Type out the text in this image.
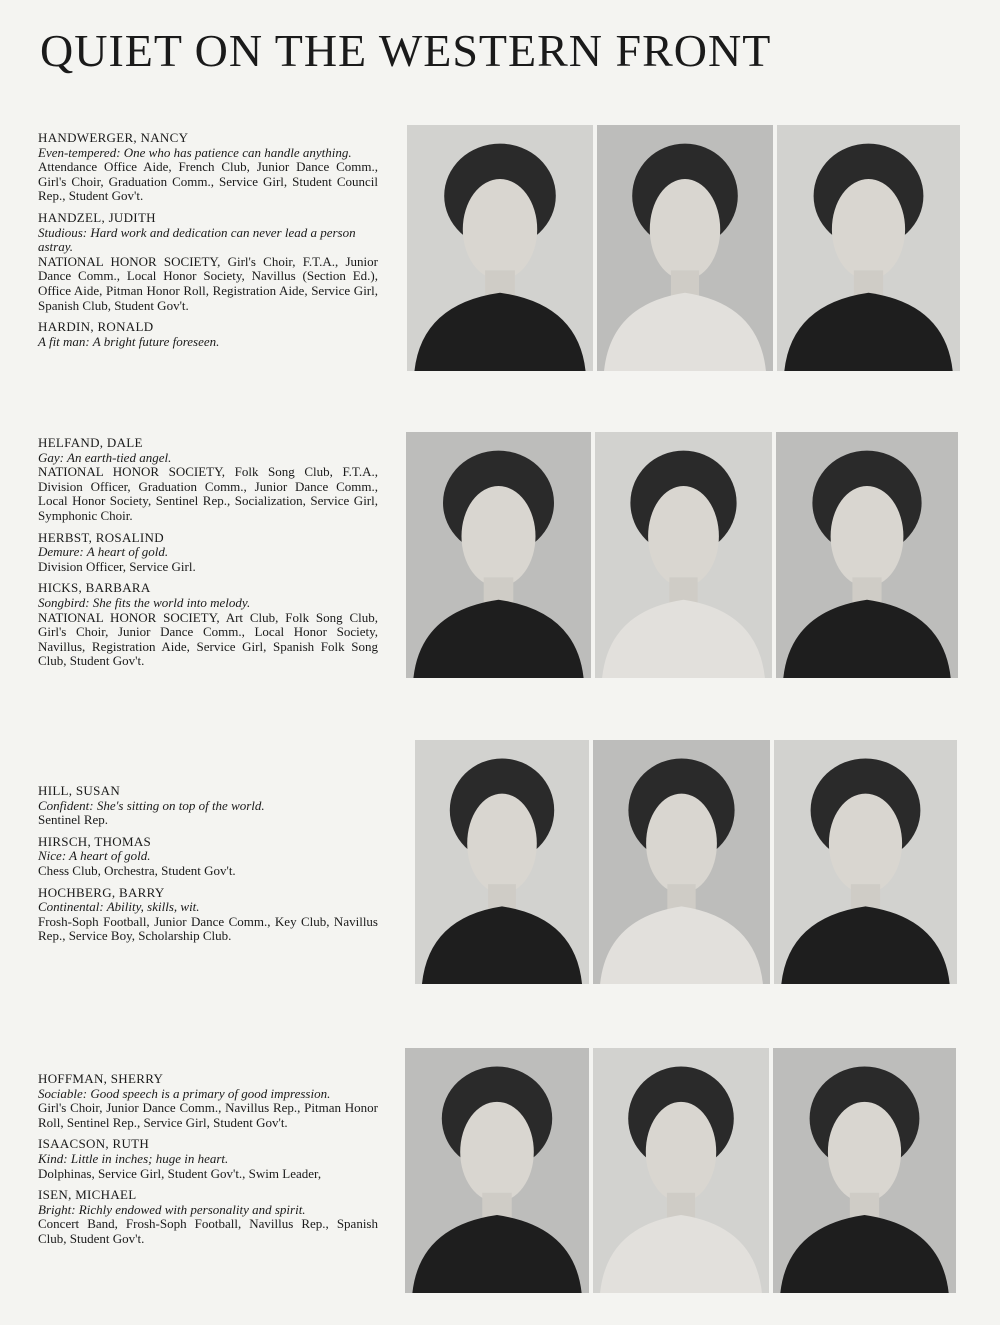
QUIET ON THE WESTERN FRONT
HANDWERGER, NANCY
Even-tempered: One who has patience can handle anything.
Attendance Office Aide, French Club, Junior Dance Comm., Girl's Choir, Graduation Comm., Service Girl, Student Council Rep., Student Gov't.
HANDZEL, JUDITH
Studious: Hard work and dedication can never lead a person astray.
NATIONAL HONOR SOCIETY, Girl's Choir, F.T.A., Junior Dance Comm., Local Honor Society, Navillus (Section Ed.), Office Aide, Pitman Honor Roll, Registration Aide, Service Girl, Spanish Club, Student Gov't.
HARDIN, RONALD
A fit man: A bright future foreseen.
HELFAND, DALE
Gay: An earth-tied angel.
NATIONAL HONOR SOCIETY, Folk Song Club, F.T.A., Division Officer, Graduation Comm., Junior Dance Comm., Local Honor Society, Sentinel Rep., Socialization, Service Girl, Symphonic Choir.
HERBST, ROSALIND
Demure: A heart of gold.
Division Officer, Service Girl.
HICKS, BARBARA
Songbird: She fits the world into melody.
NATIONAL HONOR SOCIETY, Art Club, Folk Song Club, Girl's Choir, Junior Dance Comm., Local Honor Society, Navillus, Registration Aide, Service Girl, Spanish Folk Song Club, Student Gov't.
HILL, SUSAN
Confident: She's sitting on top of the world.
Sentinel Rep.
HIRSCH, THOMAS
Nice: A heart of gold.
Chess Club, Orchestra, Student Gov't.
HOCHBERG, BARRY
Continental: Ability, skills, wit.
Frosh-Soph Football, Junior Dance Comm., Key Club, Navillus Rep., Service Boy, Scholarship Club.
HOFFMAN, SHERRY
Sociable: Good speech is a primary of good impression.
Girl's Choir, Junior Dance Comm., Navillus Rep., Pitman Honor Roll, Sentinel Rep., Service Girl, Student Gov't.
ISAACSON, RUTH
Kind: Little in inches; huge in heart.
Dolphinas, Service Girl, Student Gov't., Swim Leader,
ISEN, MICHAEL
Bright: Richly endowed with personality and spirit.
Concert Band, Frosh-Soph Football, Navillus Rep., Spanish Club, Student Gov't.
